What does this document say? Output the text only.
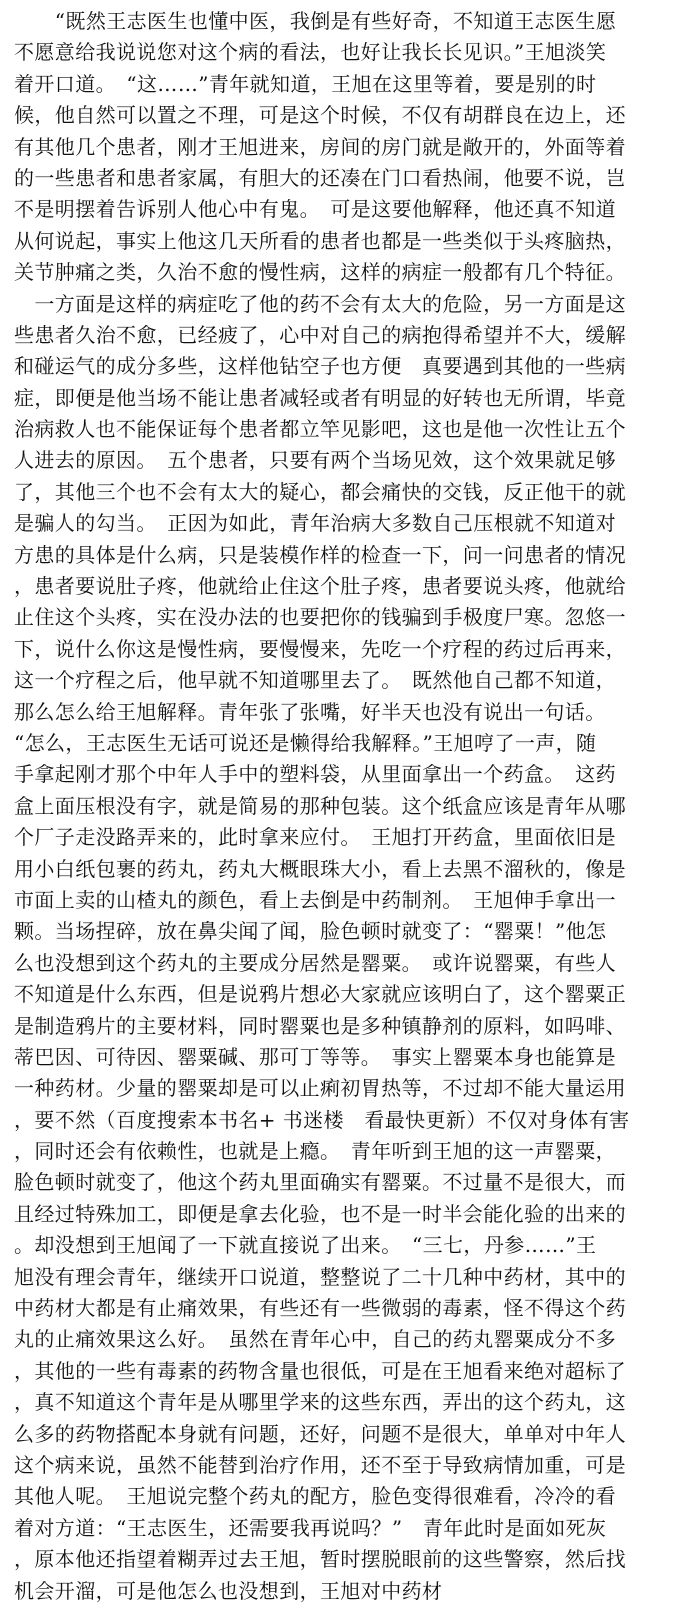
　　“既然王志医生也懂中医，我倒是有些好奇，不知道王志医生愿
不愿意给我说说您对这个病的看法，也好让我长长见识。”王旭淡笑
着开口道。　“这……”青年就知道，王旭在这里等着，要是别的时
候，他自然可以置之不理，可是这个时候，不仅有胡群良在边上，还
有其他几个患者，刚才王旭进来，房间的房门就是敞开的，外面等着
的一些患者和患者家属，有胆大的还凑在门口看热闹，他要不说，岂
不是明摆着告诉别人他心中有鬼。　可是这要他解释，他还真不知道
从何说起，事实上他这几天所看的患者也都是一些类似于头疼脑热，
关节肿痛之类，久治不愈的慢性病，这样的病症一般都有几个特征。
　一方面是这样的病症吃了他的药不会有太大的危险，另一方面是这
些患者久治不愈，已经疲了，心中对自己的病抱得希望并不大，缓解
和碰运气的成分多些，这样他钻空子也方便　真要遇到其他的一些病
症，即便是他当场不能让患者减轻或者有明显的好转也无所谓，毕竟
治病救人也不能保证每个患者都立竿见影吧，这也是他一次性让五个
人进去的原因。　五个患者，只要有两个当场见效，这个效果就足够
了，其他三个也不会有太大的疑心，都会痛快的交钱，反正他干的就
是骗人的勾当。　正因为如此，青年治病大多数自己压根就不知道对
方患的具体是什么病，只是装模作样的检查一下，问一问患者的情况
，患者要说肚子疼，他就给止住这个肚子疼，患者要说头疼，他就给
止住这个头疼，实在没办法的也要把你的钱骗到手极度尸寒。忽悠一
下，说什么你这是慢性病，要慢慢来，先吃一个疗程的药过后再来，
这一个疗程之后，他早就不知道哪里去了。　既然他自己都不知道，
那么怎么给王旭解释。青年张了张嘴，好半天也没有说出一句话。
“怎么，王志医生无话可说还是懒得给我解释。”王旭哼了一声，随
手拿起刚才那个中年人手中的塑料袋，从里面拿出一个药盒。　这药
盒上面压根没有字，就是简易的那种包装。这个纸盒应该是青年从哪
个厂子走没路弄来的，此时拿来应付。　王旭打开药盒，里面依旧是
用小白纸包裹的药丸，药丸大概眼珠大小，看上去黑不溜秋的，像是
市面上卖的山楂丸的颜色，看上去倒是中药制剂。　王旭伸手拿出一
颗。当场捏碎，放在鼻尖闻了闻，脸色顿时就变了：“罂粟！”他怎
么也没想到这个药丸的主要成分居然是罂粟。　或许说罂粟，有些人
不知道是什么东西，但是说鸦片想必大家就应该明白了，这个罂粟正
是制造鸦片的主要材料，同时罂粟也是多种镇静剂的原料，如吗啡、
蒂巴因、可待因、罂粟碱、那可丁等等。　事实上罂粟本身也能算是
一种药材。少量的罂粟却是可以止痢初胃热等，不过却不能大量运用
，要不然（百度搜索本书名+ 书迷楼　看最快更新）不仅对身体有害
，同时还会有依赖性，也就是上瘾。　青年听到王旭的这一声罂粟，
脸色顿时就变了，他这个药丸里面确实有罂粟。不过量不是很大，而
且经过特殊加工，即便是拿去化验，也不是一时半会能化验的出来的
。却没想到王旭闻了一下就直接说了出来。　“三七，丹参……”王
旭没有理会青年，继续开口说道，整整说了二十几种中药材，其中的
中药材大都是有止痛效果，有些还有一些微弱的毒素，怪不得这个药
丸的止痛效果这么好。　虽然在青年心中，自己的药丸罂粟成分不多
，其他的一些有毒素的药物含量也很低，可是在王旭看来绝对超标了
，真不知道这个青年是从哪里学来的这些东西，弄出的这个药丸，这
么多的药物搭配本身就有问题，还好，问题不是很大，单单对中年人
这个病来说，虽然不能替到治疗作用，还不至于导致病情加重，可是
其他人呢。　王旭说完整个药丸的配方，脸色变得很难看，冷冷的看
着对方道：“王志医生，还需要我再说吗？”　青年此时是面如死灰
，原本他还指望着糊弄过去王旭，暂时摆脱眼前的这些警察，然后找
机会开溜，可是他怎么也没想到，王旭对中药材
